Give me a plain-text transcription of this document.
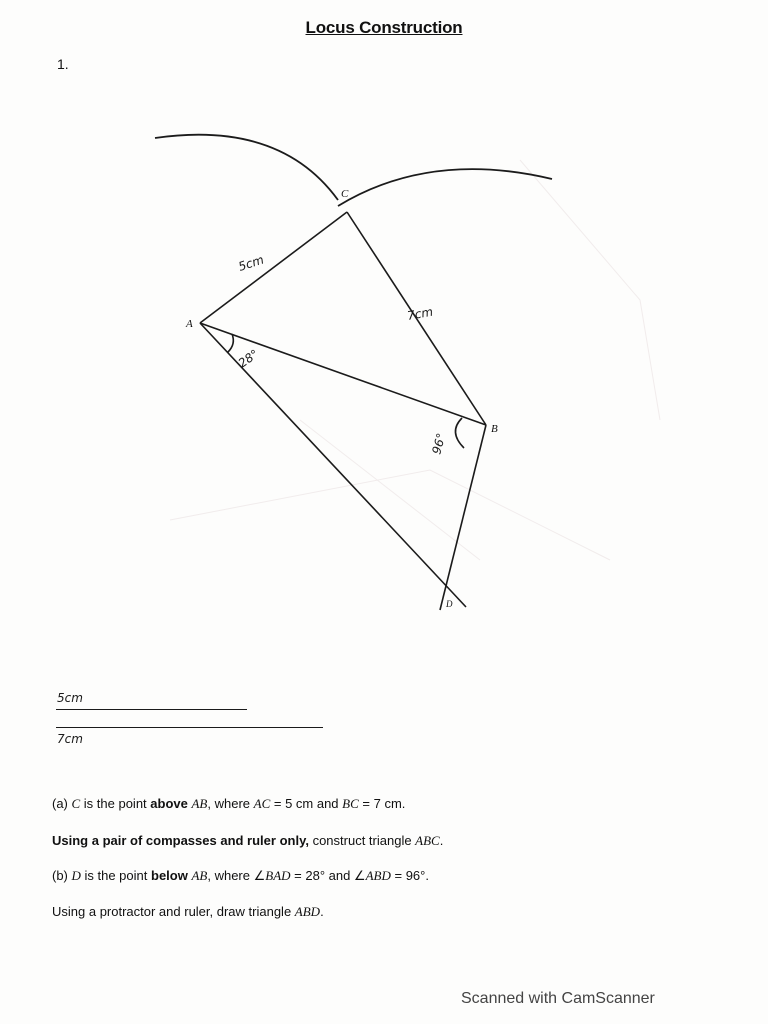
Locus Construction
1.
A
B
C
D
5cm
7cm
28°
96°
5cm
7cm
(a) C is the point above AB, where AC = 5 cm and BC = 7 cm.
Using a pair of compasses and ruler only, construct triangle ABC.
(b) D is the point below AB, where ∠BAD = 28° and ∠ABD = 96°.
Using a protractor and ruler, draw triangle ABD.
Scanned with CamScanner
